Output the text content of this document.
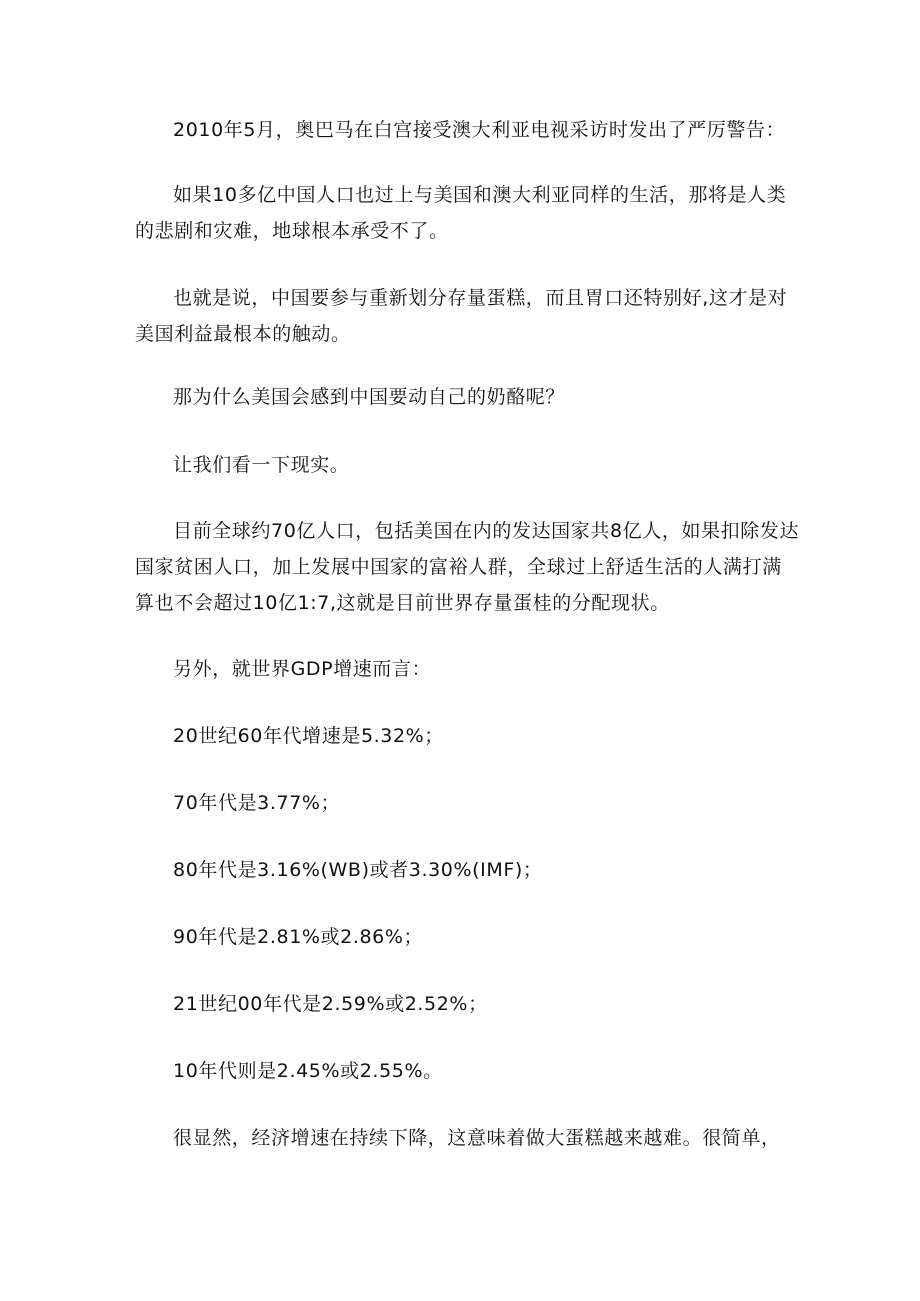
2010年5月，奥巴马在白宫接受澳大利亚电视采访时发出了严厉警告：

如果10多亿中国人口也过上与美国和澳大利亚同样的生活，那将是人类的悲剧和灾难，地球根本承受不了。

也就是说，中国要参与重新划分存量蛋糕，而且胃口还特别好,这才是对美国利益最根本的触动。

那为什么美国会感到中国要动自己的奶酪呢？

让我们看一下现实。

目前全球约70亿人口，包括美国在内的发达国家共8亿人，如果扣除发达国家贫困人口，加上发展中国家的富裕人群，全球过上舒适生活的人满打满算也不会超过10亿1:7,这就是目前世界存量蛋桂的分配现状。

另外，就世界GDP增速而言：

20世纪60年代增速是5.32%；

70年代是3.77%；

80年代是3.16%(WB)或者3.30%(IMF)；

90年代是2.81%或2.86%；

21世纪00年代是2.59%或2.52%；

10年代则是2.45%或2.55%。

很显然，经济增速在持续下降，这意味着做大蛋糕越来越难。很简单，
